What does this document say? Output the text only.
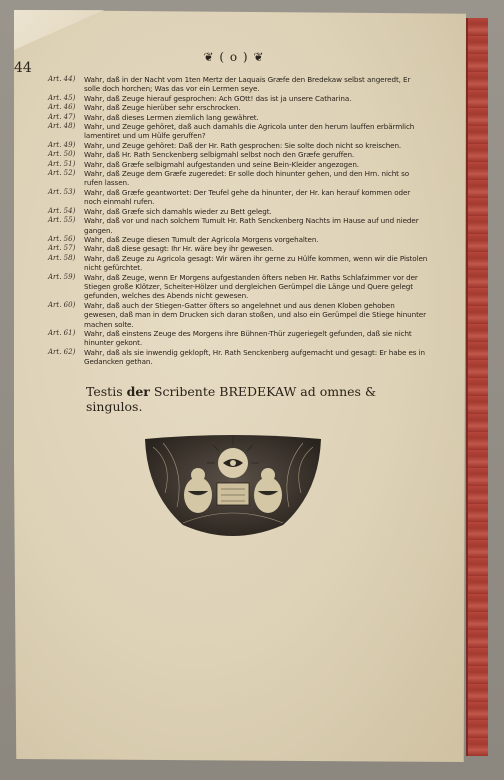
44
❦ ( o ) ❦
Art. 44)	Wahr, daß in der Nacht vom 1ten Mertz der Laquais Græfe den Bredekaw selbst angeredt, Er solle doch horchen; Was das vor ein Lermen seye.
Art. 45)	Wahr, daß Zeuge hierauf gesprochen: Ach GOtt! das ist ja unsere Catharina.
Art. 46)	Wahr, daß Zeuge hierüber sehr erschrocken.
Art. 47)	Wahr, daß dieses Lermen ziemlich lang gewähret.
Art. 48)	Wahr, und Zeuge gehöret, daß auch damahls die Agricola unter den herum lauffen erbärmlich lamentiret und um Hülfe geruffen?
Art. 49)	Wahr, und Zeuge gehöret: Daß der Hr. Rath gesprochen: Sie solte doch nicht so kreischen.
Art. 50)	Wahr, daß Hr. Rath Senckenberg selbigmahl selbst noch den Græfe geruffen.
Art. 51)	Wahr, daß Græfe selbigmahl aufgestanden und seine Bein-Kleider angezogen.
Art. 52)	Wahr, daß Zeuge dem Græfe zugeredet: Er solle doch hinunter gehen, und den Hrn. nicht so rufen lassen.
Art. 53)	Wahr, daß Græfe geantwortet: Der Teufel gehe da hinunter, der Hr. kan herauf kommen oder noch einmahl rufen.
Art. 54)	Wahr, daß Græfe sich damahls wieder zu Bett gelegt.
Art. 55)	Wahr, daß vor und nach solchem Tumult Hr. Rath Senckenberg Nachts im Hause auf und nieder gangen.
Art. 56)	Wahr, daß Zeuge diesen Tumult der Agricola Morgens vorgehalten.
Art. 57)	Wahr, daß diese gesagt: Ihr Hr. wäre bey ihr gewesen.
Art. 58)	Wahr, daß Zeuge zu Agricola gesagt: Wir wären ihr gerne zu Hülfe kommen, wenn wir die Pistolen nicht gefürchtet.
Art. 59)	Wahr, daß Zeuge, wenn Er Morgens aufgestanden öfters neben Hr. Raths Schlafzimmer vor der Stiegen große Klötzer, Scheiter-Hölzer und dergleichen Gerümpel die Länge und Quere gelegt gefunden, welches des Abends nicht gewesen.
Art. 60)	Wahr, daß auch der Stiegen-Gatter öfters so angelehnet und aus denen Kloben gehoben gewesen, daß man in dem Drucken sich daran stoßen, und also ein Gerümpel die Stiege hinunter machen solte.
Art. 61)	Wahr, daß einstens Zeuge des Morgens ihre Bühnen-Thür zugeriegelt gefunden, daß sie nicht hinunter gekont.
Art. 62)	Wahr, daß als sie inwendig geklopft, Hr. Rath Senckenberg aufgemacht und gesagt: Er habe es in Gedancken gethan.
Testis der Scribente BREDEKAW ad omnes & singulos.
